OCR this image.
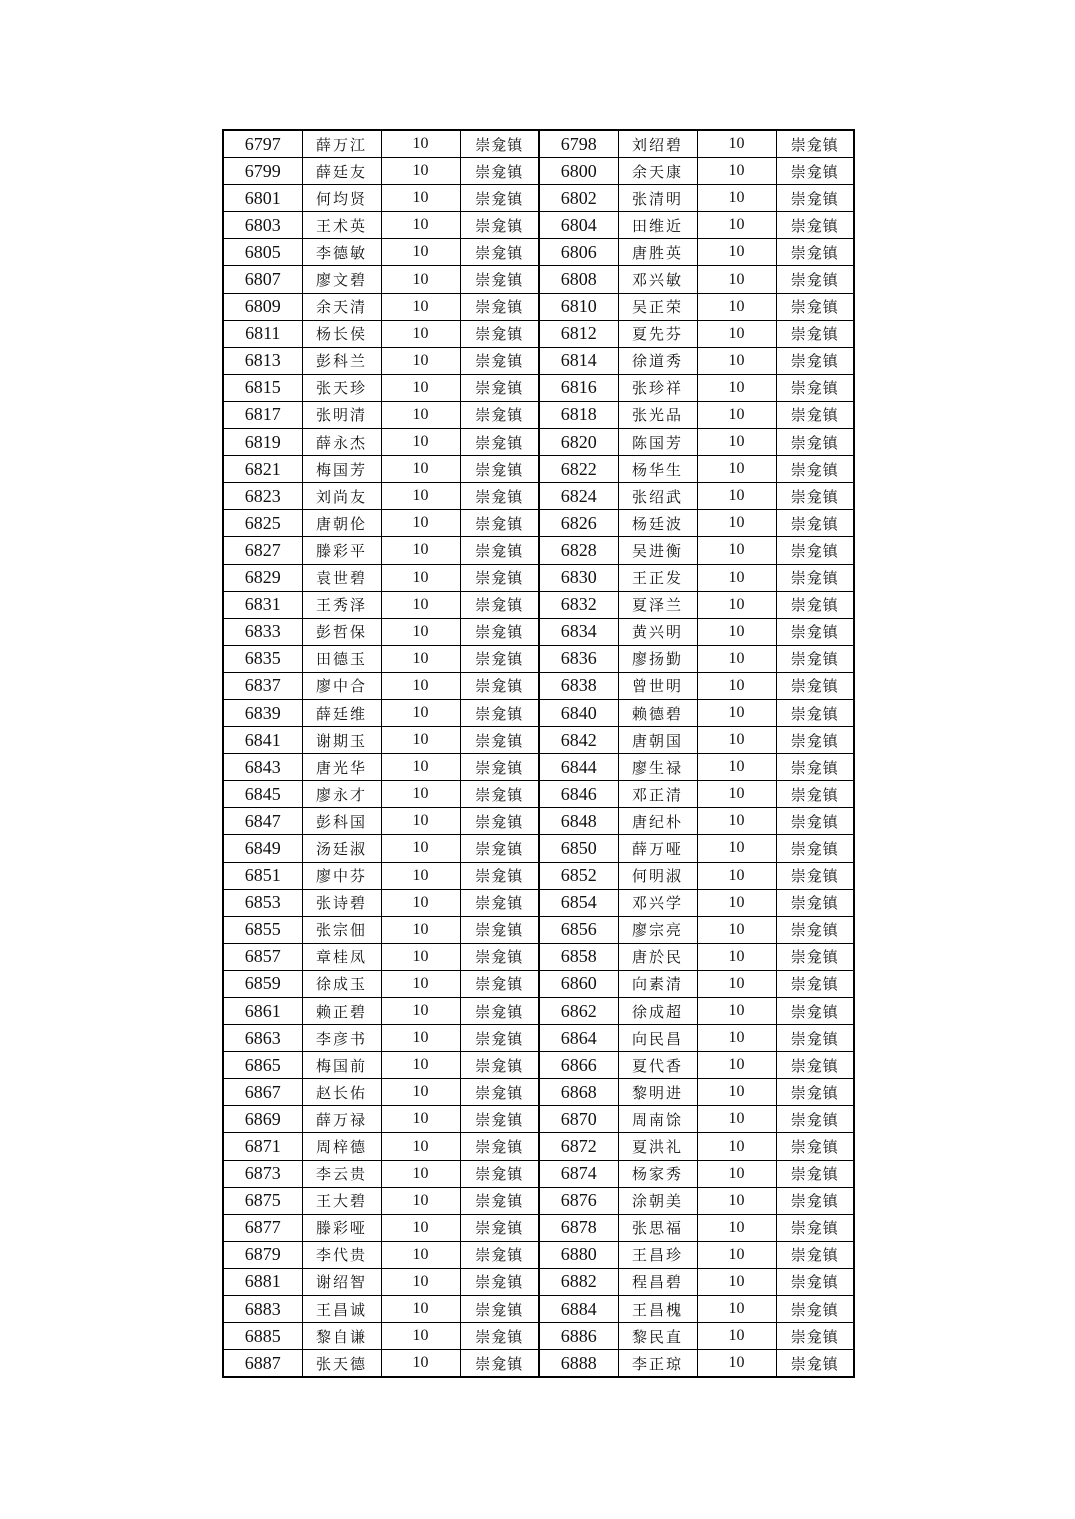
6797	薛万江	10	崇龛镇	6798	刘绍碧	10	崇龛镇
6799	薛廷友	10	崇龛镇	6800	余天康	10	崇龛镇
6801	何均贤	10	崇龛镇	6802	张清明	10	崇龛镇
6803	王术英	10	崇龛镇	6804	田维近	10	崇龛镇
6805	李德敏	10	崇龛镇	6806	唐胜英	10	崇龛镇
6807	廖文碧	10	崇龛镇	6808	邓兴敏	10	崇龛镇
6809	余天清	10	崇龛镇	6810	吴正荣	10	崇龛镇
6811	杨长侯	10	崇龛镇	6812	夏先芬	10	崇龛镇
6813	彭科兰	10	崇龛镇	6814	徐道秀	10	崇龛镇
6815	张天珍	10	崇龛镇	6816	张珍祥	10	崇龛镇
6817	张明清	10	崇龛镇	6818	张光品	10	崇龛镇
6819	薛永杰	10	崇龛镇	6820	陈国芳	10	崇龛镇
6821	梅国芳	10	崇龛镇	6822	杨华生	10	崇龛镇
6823	刘尚友	10	崇龛镇	6824	张绍武	10	崇龛镇
6825	唐朝伦	10	崇龛镇	6826	杨廷波	10	崇龛镇
6827	滕彩平	10	崇龛镇	6828	吴进衡	10	崇龛镇
6829	袁世碧	10	崇龛镇	6830	王正发	10	崇龛镇
6831	王秀泽	10	崇龛镇	6832	夏泽兰	10	崇龛镇
6833	彭哲保	10	崇龛镇	6834	黄兴明	10	崇龛镇
6835	田德玉	10	崇龛镇	6836	廖扬勤	10	崇龛镇
6837	廖中合	10	崇龛镇	6838	曾世明	10	崇龛镇
6839	薛廷维	10	崇龛镇	6840	赖德碧	10	崇龛镇
6841	谢期玉	10	崇龛镇	6842	唐朝国	10	崇龛镇
6843	唐光华	10	崇龛镇	6844	廖生禄	10	崇龛镇
6845	廖永才	10	崇龛镇	6846	邓正清	10	崇龛镇
6847	彭科国	10	崇龛镇	6848	唐纪朴	10	崇龛镇
6849	汤廷淑	10	崇龛镇	6850	薛万哑	10	崇龛镇
6851	廖中芬	10	崇龛镇	6852	何明淑	10	崇龛镇
6853	张诗碧	10	崇龛镇	6854	邓兴学	10	崇龛镇
6855	张宗佃	10	崇龛镇	6856	廖宗亮	10	崇龛镇
6857	章桂凤	10	崇龛镇	6858	唐於民	10	崇龛镇
6859	徐成玉	10	崇龛镇	6860	向素清	10	崇龛镇
6861	赖正碧	10	崇龛镇	6862	徐成超	10	崇龛镇
6863	李彦书	10	崇龛镇	6864	向民昌	10	崇龛镇
6865	梅国前	10	崇龛镇	6866	夏代香	10	崇龛镇
6867	赵长佑	10	崇龛镇	6868	黎明进	10	崇龛镇
6869	薛万禄	10	崇龛镇	6870	周南馀	10	崇龛镇
6871	周梓德	10	崇龛镇	6872	夏洪礼	10	崇龛镇
6873	李云贵	10	崇龛镇	6874	杨家秀	10	崇龛镇
6875	王大碧	10	崇龛镇	6876	涂朝美	10	崇龛镇
6877	滕彩哑	10	崇龛镇	6878	张思福	10	崇龛镇
6879	李代贵	10	崇龛镇	6880	王昌珍	10	崇龛镇
6881	谢绍智	10	崇龛镇	6882	程昌碧	10	崇龛镇
6883	王昌诚	10	崇龛镇	6884	王昌槐	10	崇龛镇
6885	黎自谦	10	崇龛镇	6886	黎民直	10	崇龛镇
6887	张天德	10	崇龛镇	6888	李正琼	10	崇龛镇
